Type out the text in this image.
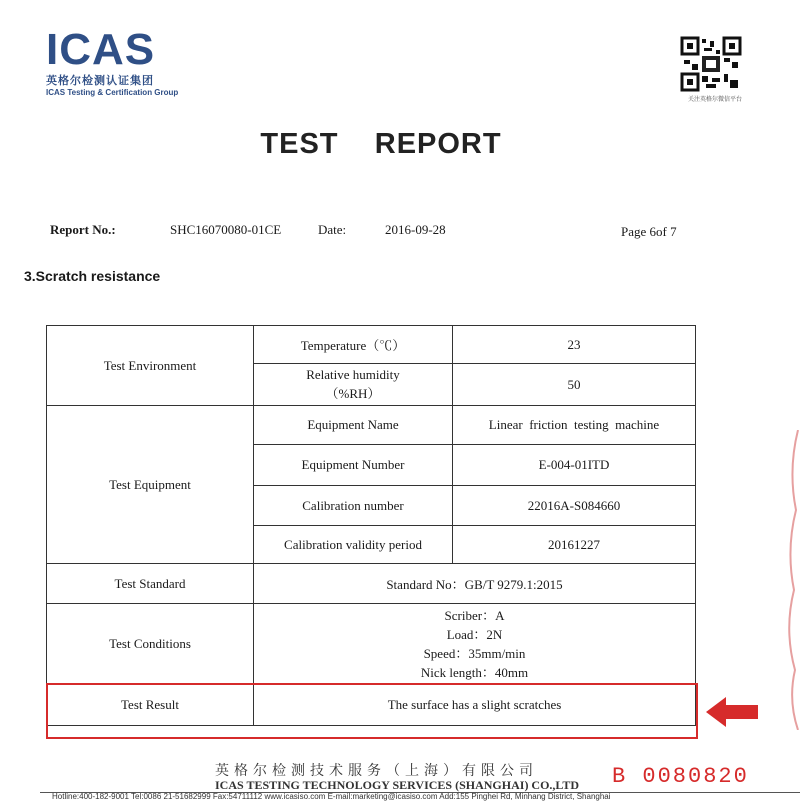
ICAS
英格尔检测认证集团
ICAS Testing & Certification Group
关注英格尔微信平台
TEST    REPORT
Report No.:	SHC16070080-01CE	Date:	2016-09-28	Page 6of 7
3.Scratch resistance
Test Environment	Temperature（℃）	23

	Relative humidity
（%RH）	50
Test Equipment	Equipment Name	Linear  friction  testing  machine
	Equipment Number	E-004-01ITD
	Calibration number	22016A-S084660
	Calibration validity period	20161227
Test Standard	Standard No：GB/T 9279.1:2015	
Test Conditions	Scriber：A
Load：2N
Speed：35mm/min
Nick length：40mm	

Test Result	The surface has a slight scratches	
英格尔检测技术服务（上海）有限公司
ICAS TESTING TECHNOLOGY SERVICES (SHANGHAI) CO.,LTD B 0080820
Hotline:400-182-9001 Tel:0086 21-51682999 Fax:54711112 www.icasiso.com E-mail:marketing@icasiso.com Add:155 Pinghei Rd, Minhang District, Shanghai
